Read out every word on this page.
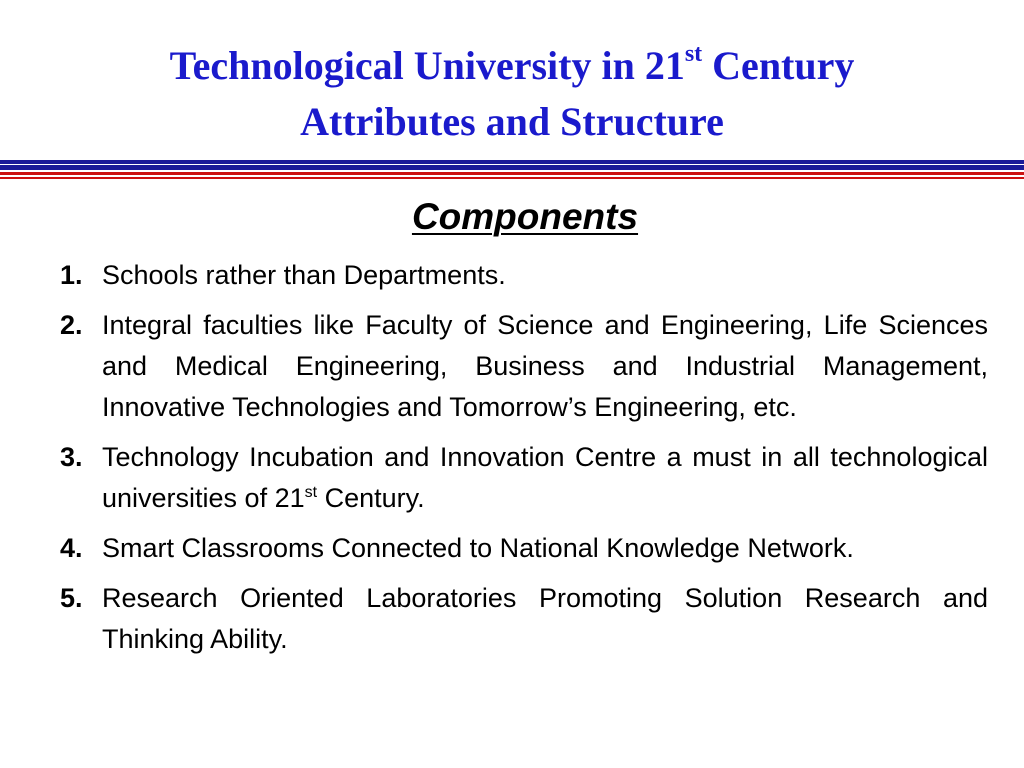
Technological University in 21st Century
Attributes and Structure
Components
1. Schools rather than Departments.
2. Integral faculties like Faculty of Science and Engineering, Life Sciences and Medical Engineering, Business and Industrial Management, Innovative Technologies and Tomorrow’s Engineering, etc.
3. Technology Incubation and Innovation Centre a must in all technological universities of 21st Century.
4. Smart Classrooms Connected to National Knowledge Network.
5. Research Oriented Laboratories Promoting Solution Research and Thinking Ability.
